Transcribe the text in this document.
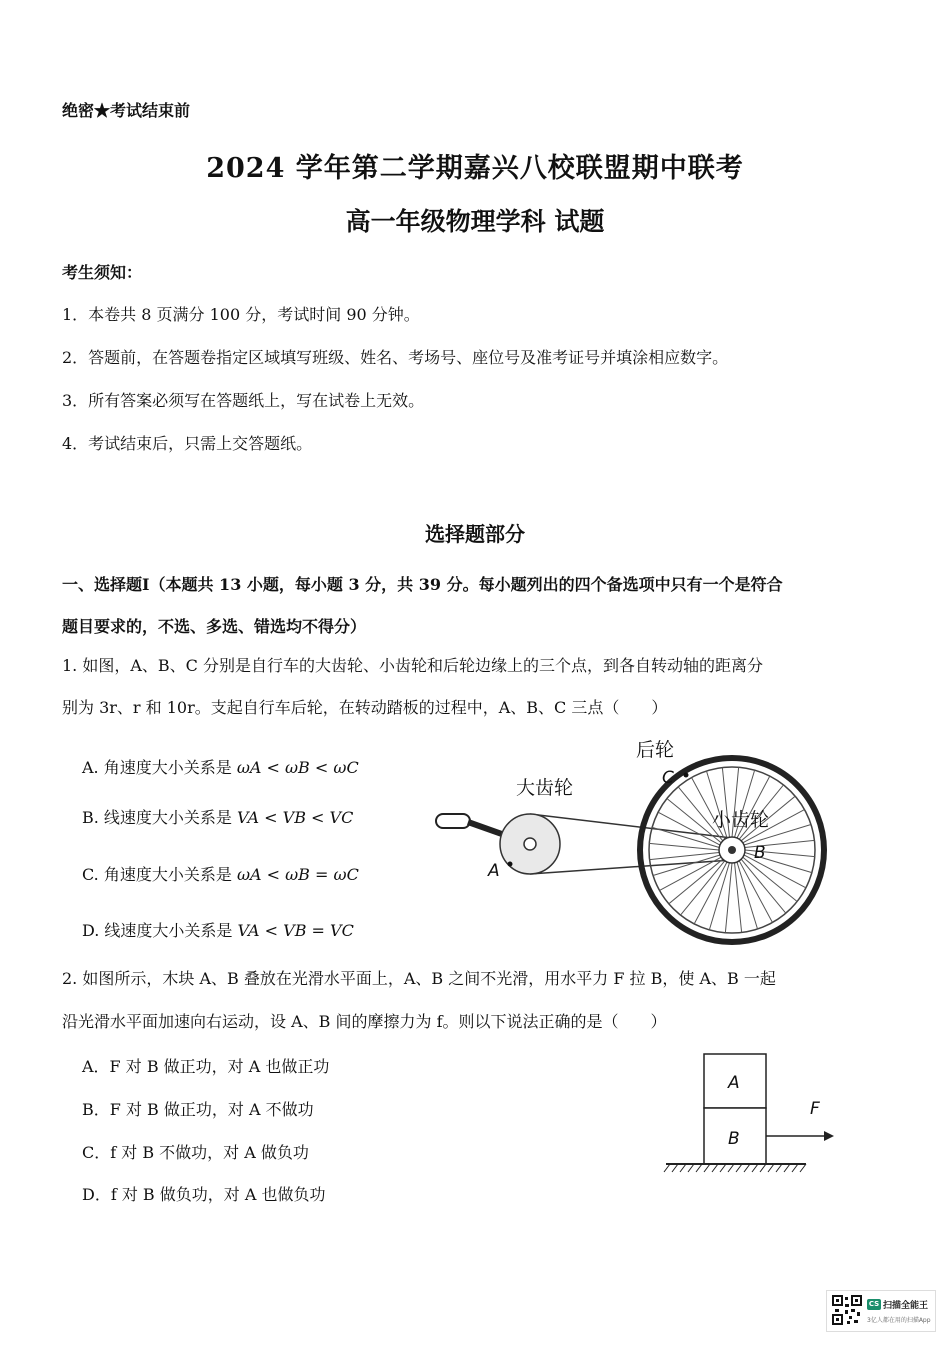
绝密★考试结束前
2024 学年第二学期嘉兴八校联盟期中联考
高一年级物理学科 试题
考生须知：
1．本卷共 8 页满分 100 分，考试时间 90 分钟。
2．答题前，在答题卷指定区域填写班级、姓名、考场号、座位号及准考证号并填涂相应数字。
3．所有答案必须写在答题纸上，写在试卷上无效。
4．考试结束后，只需上交答题纸。
选择题部分
一、选择题Ⅰ（本题共 13 小题，每小题 3 分，共 39 分。每小题列出的四个备选项中只有一个是符合
题目要求的，不选、多选、错选均不得分）
1. 如图，A、B、C 分别是自行车的大齿轮、小齿轮和后轮边缘上的三个点，到各自转动轴的距离分
别为 3r、r 和 10r。支起自行车后轮，在转动踏板的过程中，A、B、C 三点（　　）
A. 角速度大小关系是 ωA < ωB < ωC
B. 线速度大小关系是 VA < VB < VC
C. 角速度大小关系是 ωA < ωB = ωC
D. 线速度大小关系是 VA < VB = VC
后轮
C
大齿轮
小齿轮
A
B
2. 如图所示，木块 A、B 叠放在光滑水平面上，A、B 之间不光滑，用水平力 F 拉 B，使 A、B 一起
沿光滑水平面加速向右运动，设 A、B 间的摩擦力为 f。则以下说法正确的是（　　）
A．F 对 B 做正功，对 A 也做正功
B．F 对 B 做正功，对 A 不做功
C．f 对 B 不做功，对 A 做负功
D．f 对 B 做负功，对 A 也做负功
A
B
F
CS 扫描全能王
3亿人都在用的扫描App
